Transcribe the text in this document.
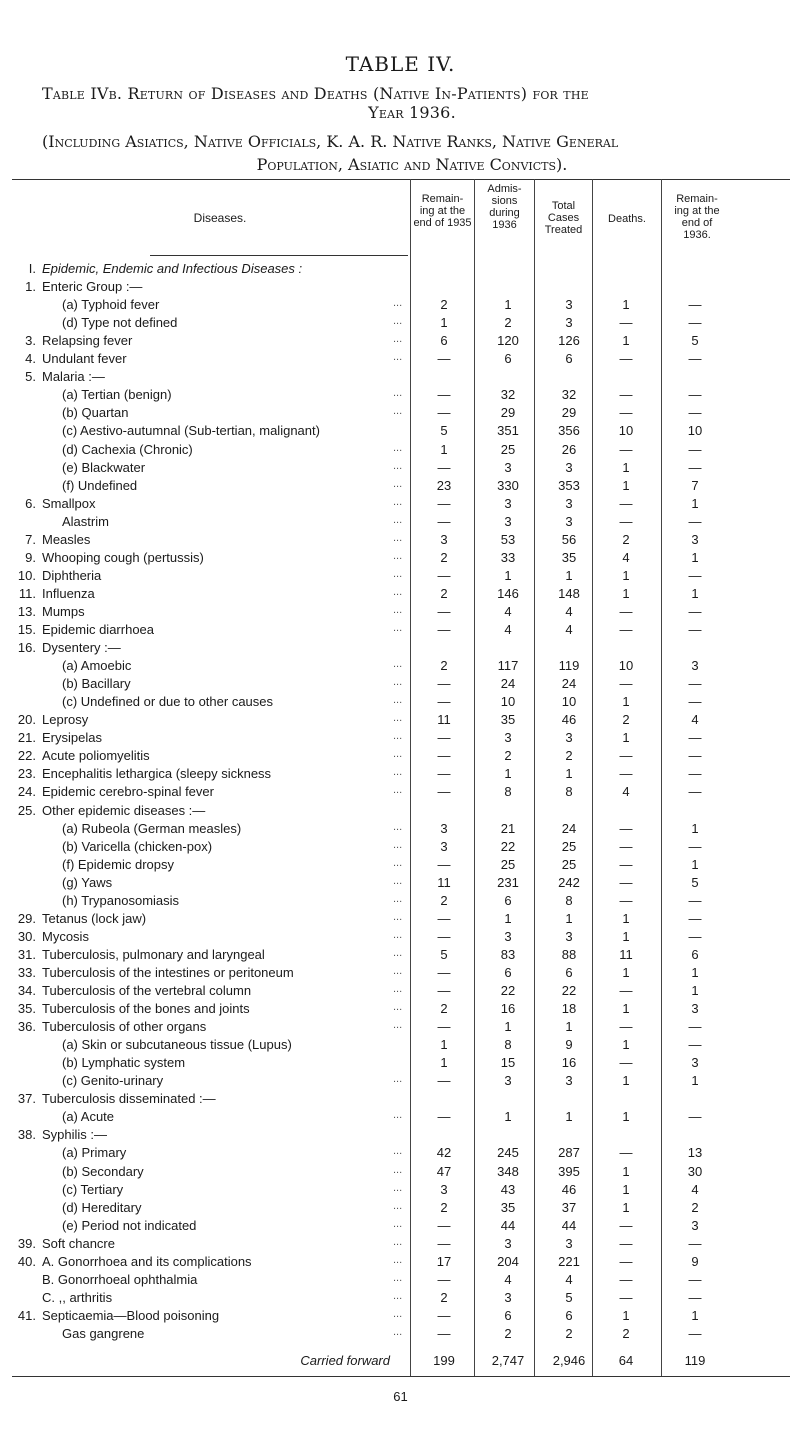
TABLE IV.
Table IVb. Return of Diseases and Deaths (Native In-Patients) for the
Year 1936.
(Including Asiatics, Native Officials, K. A. R. Native Ranks, Native General
Population, Asiatic and Native Convicts).
Diseases.
Remain-
ing at the
end of 1935
Admis-
sions
during
1936
Total
Cases
Treated
Deaths.
Remain-
ing at the
end of
1936.
I. Epidemic, Endemic and Infectious Diseases :
1. Enteric Group :—
(a) Typhoid fever	...	2	1	3	1	—
(d) Type not defined	...	1	2	3	—	—
3. Relapsing fever	...	6	120	126	1	5
4. Undulant fever	...	—	6	6	—	—
5. Malaria :—
(a) Tertian (benign)	...	—	32	32	—	—
(b) Quartan	...	—	29	29	—	—
(c) Aestivo-autumnal (Sub-tertian, malignant)	5	351	356	10	10
(d) Cachexia (Chronic)	...	1	25	26	—	—
(e) Blackwater	...	—	3	3	1	—
(f) Undefined	...	23	330	353	1	7
6. Smallpox	...	—	3	3	—	1
Alastrim	...	—	3	3	—	—
7. Measles	...	3	53	56	2	3
9. Whooping cough (pertussis)	...	2	33	35	4	1
10. Diphtheria	...	—	1	1	1	—
11. Influenza	...	2	146	148	1	1
13. Mumps	...	—	4	4	—	—
15. Epidemic diarrhoea	...	—	4	4	—	—
16. Dysentery :—
(a) Amoebic	...	2	117	119	10	3
(b) Bacillary	...	—	24	24	—	—
(c) Undefined or due to other causes	...	—	10	10	1	—
20. Leprosy	...	11	35	46	2	4
21. Erysipelas	...	—	3	3	1	—
22. Acute poliomyelitis	...	—	2	2	—	—
23. Encephalitis lethargica (sleepy sickness	...	—	1	1	—	—
24. Epidemic cerebro-spinal fever	...	—	8	8	4	—
25. Other epidemic diseases :—
(a) Rubeola (German measles)	...	3	21	24	—	1
(b) Varicella (chicken-pox)	...	3	22	25	—	—
(f) Epidemic dropsy	...	—	25	25	—	1
(g) Yaws	...	11	231	242	—	5
(h) Trypanosomiasis	...	2	6	8	—	—
29. Tetanus (lock jaw)	...	—	1	1	1	—
30. Mycosis	...	—	3	3	1	—
31. Tuberculosis, pulmonary and laryngeal	...	5	83	88	11	6
33. Tuberculosis of the intestines or peritoneum	...	—	6	6	1	1
34. Tuberculosis of the vertebral column	...	—	22	22	—	1
35. Tuberculosis of the bones and joints	...	2	16	18	1	3
36. Tuberculosis of other organs	...	—	1	1	—	—
(a) Skin or subcutaneous tissue (Lupus)	1	8	9	1	—
(b) Lymphatic system	1	15	16	—	3
(c) Genito-urinary	...	—	3	3	1	1
37. Tuberculosis disseminated :—
(a) Acute	...	—	1	1	1	—
38. Syphilis :—
(a) Primary	...	42	245	287	—	13
(b) Secondary	...	47	348	395	1	30
(c) Tertiary	...	3	43	46	1	4
(d) Hereditary	...	2	35	37	1	2
(e) Period not indicated	...	—	44	44	—	3
39. Soft chancre	...	—	3	3	—	—
40. A. Gonorrhoea and its complications	...	17	204	221	—	9
B. Gonorrhoeal ophthalmia	...	—	4	4	—	—
C. ,, arthritis	...	2	3	5	—	—
41. Septicaemia—Blood poisoning	...	—	6	6	1	1
Gas gangrene	...	—	2	2	2	—
Carried forward	199	2,747	2,946	64	119
61
